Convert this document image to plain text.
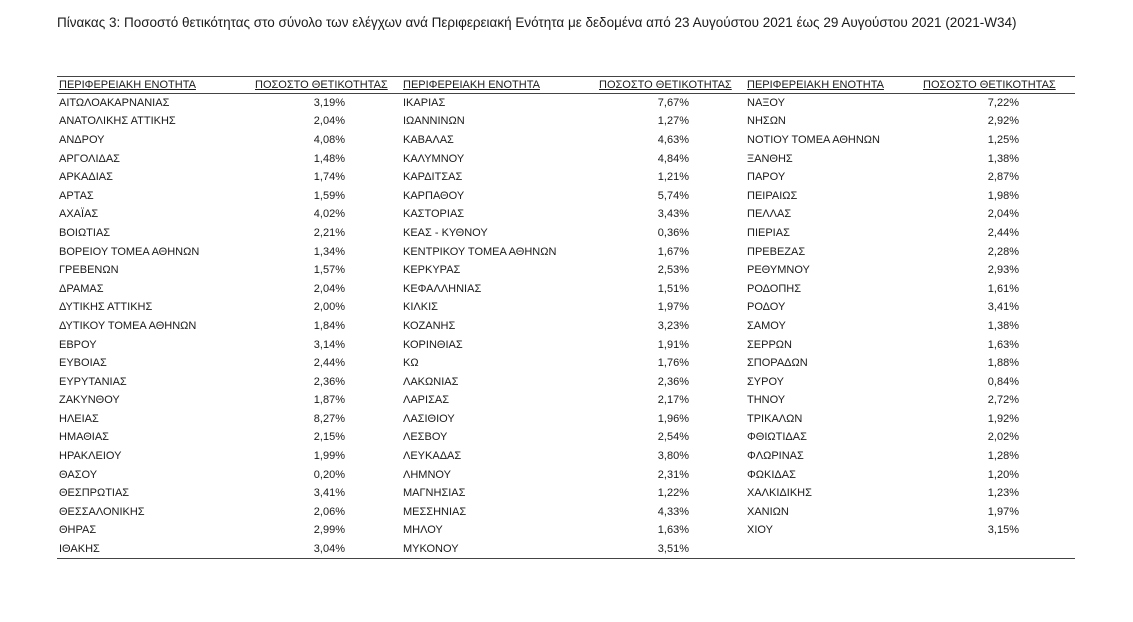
Πίνακας 3: Ποσοστό θετικότητας στο σύνολο των ελέγχων ανά Περιφερειακή Ενότητα με δεδομένα από 23 Αυγούστου 2021 έως 29 Αυγούστου 2021 (2021-W34)
ΠΕΡΙΦΕΡΕΙΑΚΗ ΕΝΟΤΗΤΑ	ΠΟΣΟΣΤΟ ΘΕΤΙΚΟΤΗΤΑΣ	ΠΕΡΙΦΕΡΕΙΑΚΗ ΕΝΟΤΗΤΑ	ΠΟΣΟΣΤΟ ΘΕΤΙΚΟΤΗΤΑΣ	ΠΕΡΙΦΕΡΕΙΑΚΗ ΕΝΟΤΗΤΑ	ΠΟΣΟΣΤΟ ΘΕΤΙΚΟΤΗΤΑΣ
ΑΙΤΩΛΟΑΚΑΡΝΑΝΙΑΣ	3,19%	ΙΚΑΡΙΑΣ	7,67%	ΝΑΞΟΥ	7,22%
ΑΝΑΤΟΛΙΚΗΣ ΑΤΤΙΚΗΣ	2,04%	ΙΩΑΝΝΙΝΩΝ	1,27%	ΝΗΣΩΝ	2,92%
ΑΝΔΡΟΥ	4,08%	ΚΑΒΑΛΑΣ	4,63%	ΝΟΤΙΟΥ ΤΟΜΕΑ ΑΘΗΝΩΝ	1,25%
ΑΡΓΟΛΙΔΑΣ	1,48%	ΚΑΛΥΜΝΟΥ	4,84%	ΞΑΝΘΗΣ	1,38%
ΑΡΚΑΔΙΑΣ	1,74%	ΚΑΡΔΙΤΣΑΣ	1,21%	ΠΑΡΟΥ	2,87%
ΑΡΤΑΣ	1,59%	ΚΑΡΠΑΘΟΥ	5,74%	ΠΕΙΡΑΙΩΣ	1,98%
ΑΧΑΪΑΣ	4,02%	ΚΑΣΤΟΡΙΑΣ	3,43%	ΠΕΛΛΑΣ	2,04%
ΒΟΙΩΤΙΑΣ	2,21%	ΚΕΑΣ - ΚΥΘΝΟΥ	0,36%	ΠΙΕΡΙΑΣ	2,44%
ΒΟΡΕΙΟΥ ΤΟΜΕΑ ΑΘΗΝΩΝ	1,34%	ΚΕΝΤΡΙΚΟΥ ΤΟΜΕΑ ΑΘΗΝΩΝ	1,67%	ΠΡΕΒΕΖΑΣ	2,28%
ΓΡΕΒΕΝΩΝ	1,57%	ΚΕΡΚΥΡΑΣ	2,53%	ΡΕΘΥΜΝΟΥ	2,93%
ΔΡΑΜΑΣ	2,04%	ΚΕΦΑΛΛΗΝΙΑΣ	1,51%	ΡΟΔΟΠΗΣ	1,61%
ΔΥΤΙΚΗΣ ΑΤΤΙΚΗΣ	2,00%	ΚΙΛΚΙΣ	1,97%	ΡΟΔΟΥ	3,41%
ΔΥΤΙΚΟΥ ΤΟΜΕΑ ΑΘΗΝΩΝ	1,84%	ΚΟΖΑΝΗΣ	3,23%	ΣΑΜΟΥ	1,38%
ΕΒΡΟΥ	3,14%	ΚΟΡΙΝΘΙΑΣ	1,91%	ΣΕΡΡΩΝ	1,63%
ΕΥΒΟΙΑΣ	2,44%	ΚΩ	1,76%	ΣΠΟΡΑΔΩΝ	1,88%
ΕΥΡΥΤΑΝΙΑΣ	2,36%	ΛΑΚΩΝΙΑΣ	2,36%	ΣΥΡΟΥ	0,84%
ΖΑΚΥΝΘΟΥ	1,87%	ΛΑΡΙΣΑΣ	2,17%	ΤΗΝΟΥ	2,72%
ΗΛΕΙΑΣ	8,27%	ΛΑΣΙΘΙΟΥ	1,96%	ΤΡΙΚΑΛΩΝ	1,92%
ΗΜΑΘΙΑΣ	2,15%	ΛΕΣΒΟΥ	2,54%	ΦΘΙΩΤΙΔΑΣ	2,02%
ΗΡΑΚΛΕΙΟΥ	1,99%	ΛΕΥΚΑΔΑΣ	3,80%	ΦΛΩΡΙΝΑΣ	1,28%
ΘΑΣΟΥ	0,20%	ΛΗΜΝΟΥ	2,31%	ΦΩΚΙΔΑΣ	1,20%
ΘΕΣΠΡΩΤΙΑΣ	3,41%	ΜΑΓΝΗΣΙΑΣ	1,22%	ΧΑΛΚΙΔΙΚΗΣ	1,23%
ΘΕΣΣΑΛΟΝΙΚΗΣ	2,06%	ΜΕΣΣΗΝΙΑΣ	4,33%	ΧΑΝΙΩΝ	1,97%
ΘΗΡΑΣ	2,99%	ΜΗΛΟΥ	1,63%	ΧΙΟΥ	3,15%
ΙΘΑΚΗΣ	3,04%	ΜΥΚΟΝΟΥ	3,51%		
